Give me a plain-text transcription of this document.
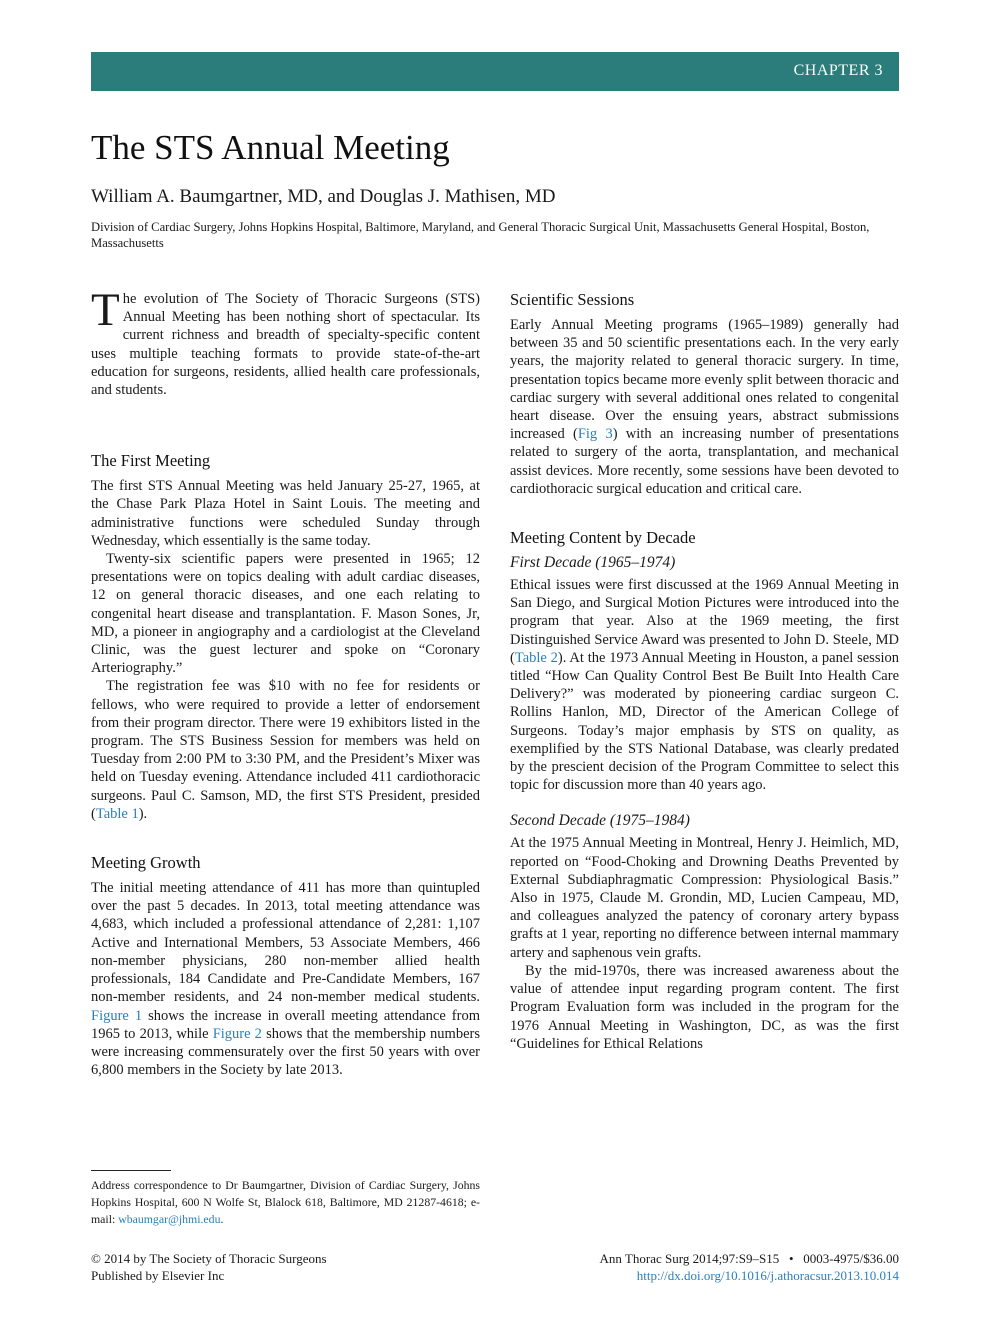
CHAPTER 3
The STS Annual Meeting
William A. Baumgartner, MD, and Douglas J. Mathisen, MD
Division of Cardiac Surgery, Johns Hopkins Hospital, Baltimore, Maryland, and General Thoracic Surgical Unit, Massachusetts General Hospital, Boston, Massachusetts

The evolution of The Society of Thoracic Surgeons (STS) Annual Meeting has been nothing short of spectacular. Its current richness and breadth of specialty-specific content uses multiple teaching formats to provide state-of-the-art education for surgeons, residents, allied health care professionals, and students.

The First Meeting

The first STS Annual Meeting was held January 25-27, 1965, at the Chase Park Plaza Hotel in Saint Louis. The meeting and administrative functions were scheduled Sunday through Wednesday, which essentially is the same today.

Twenty-six scientific papers were presented in 1965; 12 presentations were on topics dealing with adult cardiac diseases, 12 on general thoracic diseases, and one each relating to congenital heart disease and transplantation. F. Mason Sones, Jr, MD, a pioneer in angiography and a cardiologist at the Cleveland Clinic, was the guest lecturer and spoke on “Coronary Arteriography.”

The registration fee was $10 with no fee for residents or fellows, who were required to provide a letter of endorsement from their program director. There were 19 exhibitors listed in the program. The STS Business Session for members was held on Tuesday from 2:00 PM to 3:30 PM, and the President’s Mixer was held on Tuesday evening. Attendance included 411 cardiothoracic surgeons. Paul C. Samson, MD, the first STS President, presided (Table 1).

Meeting Growth

The initial meeting attendance of 411 has more than quintupled over the past 5 decades. In 2013, total meeting attendance was 4,683, which included a professional attendance of 2,281: 1,107 Active and International Members, 53 Associate Members, 466 non-member physicians, 280 non-member allied health professionals, 184 Candidate and Pre-Candidate Members, 167 non-member residents, and 24 non-member medical students. Figure 1 shows the increase in overall meeting attendance from 1965 to 2013, while Figure 2 shows that the membership numbers were increasing commensurately over the first 50 years with over 6,800 members in the Society by late 2013.

Scientific Sessions

Early Annual Meeting programs (1965–1989) generally had between 35 and 50 scientific presentations each. In the very early years, the majority related to general thoracic surgery. In time, presentation topics became more evenly split between thoracic and cardiac surgery with several additional ones related to congenital heart disease. Over the ensuing years, abstract submissions increased (Fig 3) with an increasing number of presentations related to surgery of the aorta, transplantation, and mechanical assist devices. More recently, some sessions have been devoted to cardiothoracic surgical education and critical care.

Meeting Content by Decade
First Decade (1965–1974)

Ethical issues were first discussed at the 1969 Annual Meeting in San Diego, and Surgical Motion Pictures were introduced into the program that year. Also at the 1969 meeting, the first Distinguished Service Award was presented to John D. Steele, MD (Table 2). At the 1973 Annual Meeting in Houston, a panel session titled “How Can Quality Control Best Be Built Into Health Care Delivery?” was moderated by pioneering cardiac surgeon C. Rollins Hanlon, MD, Director of the American College of Surgeons. Today’s major emphasis by STS on quality, as exemplified by the STS National Database, was clearly predated by the prescient decision of the Program Committee to select this topic for discussion more than 40 years ago.

Second Decade (1975–1984)

At the 1975 Annual Meeting in Montreal, Henry J. Heimlich, MD, reported on “Food-Choking and Drowning Deaths Prevented by External Subdiaphragmatic Compression: Physiological Basis.” Also in 1975, Claude M. Grondin, MD, Lucien Campeau, MD, and colleagues analyzed the patency of coronary artery bypass grafts at 1 year, reporting no difference between internal mammary artery and saphenous vein grafts.

By the mid-1970s, there was increased awareness about the value of attendee input regarding program content. The first Program Evaluation form was included in the program for the 1976 Annual Meeting in Washington, DC, as was the first “Guidelines for Ethical Relations

Address correspondence to Dr Baumgartner, Division of Cardiac Surgery, Johns Hopkins Hospital, 600 N Wolfe St, Blalock 618, Baltimore, MD 21287-4618; e-mail: wbaumgar@jhmi.edu.

© 2014 by The Society of Thoracic Surgeons
Published by Elsevier Inc
Ann Thorac Surg 2014;97:S9–S15  •  0003-4975/$36.00
http://dx.doi.org/10.1016/j.athoracsur.2013.10.014
